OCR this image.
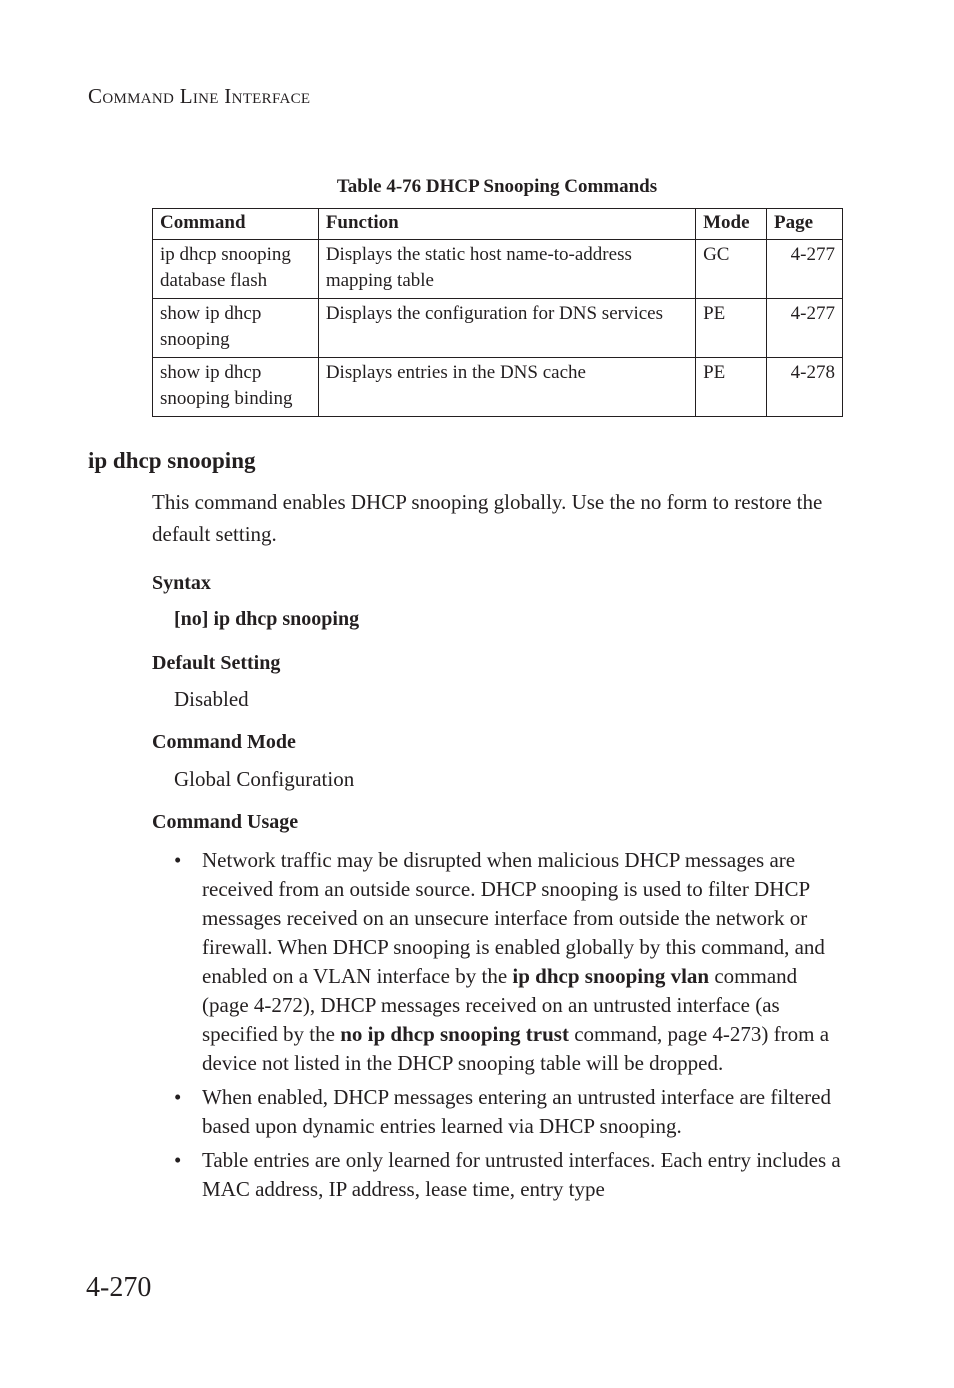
COMMAND LINE INTERFACE
Table 4-76 DHCP Snooping Commands
Command	Function	Mode	Page
ip dhcp snooping database flash	Displays the static host name-to-address mapping table	GC	4-277
show ip dhcp snooping	Displays the configuration for DNS services	PE	4-277
show ip dhcp snooping binding	Displays entries in the DNS cache	PE	4-278
ip dhcp snooping
This command enables DHCP snooping globally. Use the no form to restore the default setting.
Syntax
[no] ip dhcp snooping
Default Setting
Disabled
Command Mode
Global Configuration
Command Usage
• Network traffic may be disrupted when malicious DHCP messages are received from an outside source. DHCP snooping is used to filter DHCP messages received on an unsecure interface from outside the network or firewall. When DHCP snooping is enabled globally by this command, and enabled on a VLAN interface by the ip dhcp snooping vlan command (page 4-272), DHCP messages received on an untrusted interface (as specified by the no ip dhcp snooping trust command, page 4-273) from a device not listed in the DHCP snooping table will be dropped.
• When enabled, DHCP messages entering an untrusted interface are filtered based upon dynamic entries learned via DHCP snooping.
• Table entries are only learned for untrusted interfaces. Each entry includes a MAC address, IP address, lease time, entry type
4-270
